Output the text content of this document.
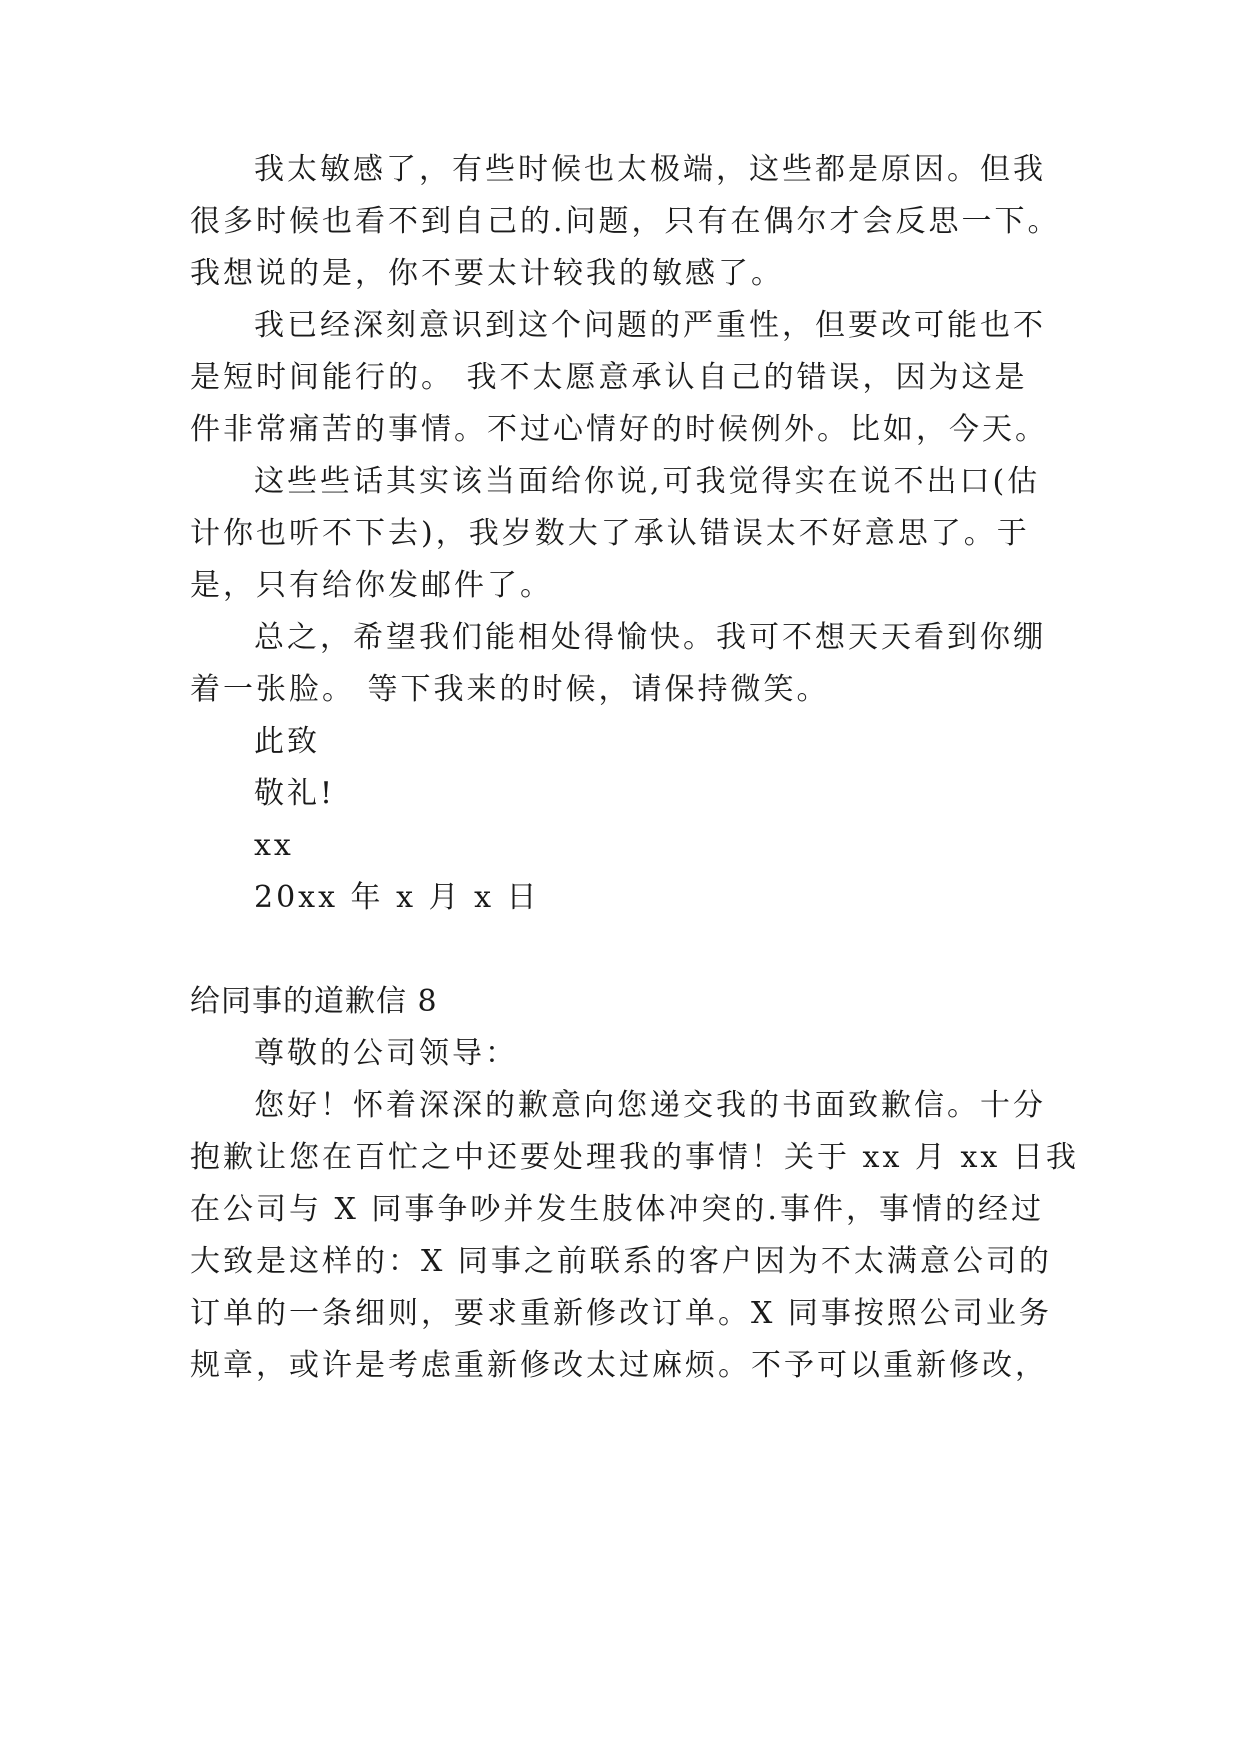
我太敏感了，有些时候也太极端，这些都是原因。但我
很多时候也看不到自己的.问题，只有在偶尔才会反思一下。
我想说的是，你不要太计较我的敏感了。
我已经深刻意识到这个问题的严重性，但要改可能也不
是短时间能行的。 我不太愿意承认自己的错误，因为这是
件非常痛苦的事情。不过心情好的时候例外。比如，今天。
这些些话其实该当面给你说,可我觉得实在说不出口(估
计你也听不下去)，我岁数大了承认错误太不好意思了。于
是，只有给你发邮件了。
总之，希望我们能相处得愉快。我可不想天天看到你绷
着一张脸。 等下我来的时候，请保持微笑。
此致
敬礼!
xx
20xx 年 x 月 x 日
给同事的道歉信 8
尊敬的公司领导：
您好！怀着深深的歉意向您递交我的书面致歉信。十分
抱歉让您在百忙之中还要处理我的事情！关于 xx 月 xx 日我
在公司与 X 同事争吵并发生肢体冲突的.事件，事情的经过
大致是这样的：X 同事之前联系的客户因为不太满意公司的
订单的一条细则，要求重新修改订单。X 同事按照公司业务
规章，或许是考虑重新修改太过麻烦。不予可以重新修改，
